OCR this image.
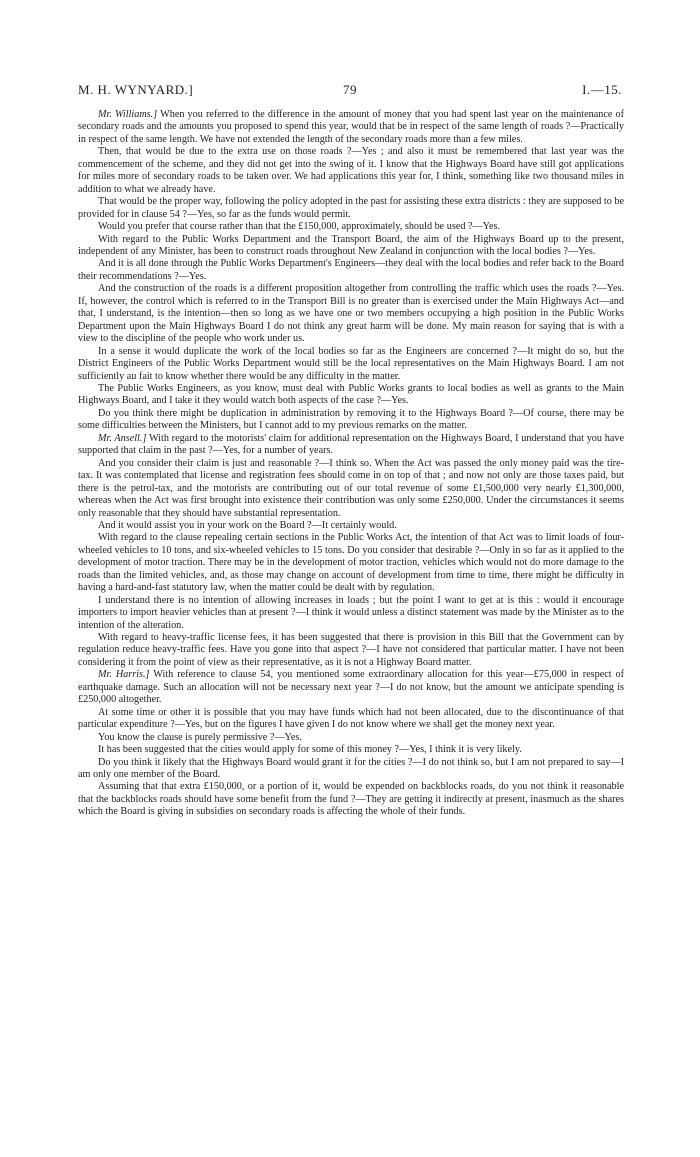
M. H. WYNYARD.]	79	I.—15.

Mr. Williams.] When you referred to the difference in the amount of money that you had spent last year on the maintenance of secondary roads and the amounts you proposed to spend this year, would that be in respect of the same length of roads ?—Practically in respect of the same length. We have not extended the length of the secondary roads more than a few miles.

Then, that would be due to the extra use on those roads ?—Yes ; and also it must be remembered that last year was the commencement of the scheme, and they did not get into the swing of it. I know that the Highways Board have still got applications for miles more of secondary roads to be taken over. We had applications this year for, I think, something like two thousand miles in addition to what we already have.

That would be the proper way, following the policy adopted in the past for assisting these extra districts : they are supposed to be provided for in clause 54 ?—Yes, so far as the funds would permit.

Would you prefer that course rather than that the £150,000, approximately, should be used ?—Yes.

With regard to the Public Works Department and the Transport Board, the aim of the Highways Board up to the present, independent of any Minister, has been to construct roads throughout New Zealand in conjunction with the local bodies ?—Yes.

And it is all done through the Public Works Department's Engineers—they deal with the local bodies and refer back to the Board their recommendations ?—Yes.

And the construction of the roads is a different proposition altogether from controlling the traffic which uses the roads ?—Yes. If, however, the control which is referred to in the Transport Bill is no greater than is exercised under the Main Highways Act—and that, I understand, is the intention—then so long as we have one or two members occupying a high position in the Public Works Department upon the Main Highways Board I do not think any great harm will be done. My main reason for saying that is with a view to the discipline of the people who work under us.

In a sense it would duplicate the work of the local bodies so far as the Engineers are concerned ?—It might do so, but the District Engineers of the Public Works Department would still be the local representatives on the Main Highways Board. I am not sufficiently au fait to know whether there would be any difficulty in the matter.

The Public Works Engineers, as you know, must deal with Public Works grants to local bodies as well as grants to the Main Highways Board, and I take it they would watch both aspects of the case ?—Yes.

Do you think there might be duplication in administration by removing it to the Highways Board ?—Of course, there may be some difficulties between the Ministers, but I cannot add to my previous remarks on the matter.

Mr. Ansell.] With regard to the motorists' claim for additional representation on the Highways Board, I understand that you have supported that claim in the past ?—Yes, for a number of years.

And you consider their claim is just and reasonable ?—I think so. When the Act was passed the only money paid was the tire-tax. It was contemplated that license and registration fees should come in on top of that ; and now not only are those taxes paid, but there is the petrol-tax, and the motorists are contributing out of our total revenue of some £1,500,000 very nearly £1,300,000, whereas when the Act was first brought into existence their contribution was only some £250,000. Under the circumstances it seems only reasonable that they should have substantial representation.

And it would assist you in your work on the Board ?—It certainly would.

With regard to the clause repealing certain sections in the Public Works Act, the intention of that Act was to limit loads of four-wheeled vehicles to 10 tons, and six-wheeled vehicles to 15 tons. Do you consider that desirable ?—Only in so far as it applied to the development of motor traction. There may be in the development of motor traction, vehicles which would not do more damage to the roads than the limited vehicles, and, as those may change on account of development from time to time, there might be difficulty in having a hard-and-fast statutory law, when the matter could be dealt with by regulation.

I understand there is no intention of allowing increases in loads ; but the point I want to get at is this : would it encourage importers to import heavier vehicles than at present ?—I think it would unless a distinct statement was made by the Minister as to the intention of the alteration.

With regard to heavy-traffic license fees, it has been suggested that there is provision in this Bill that the Government can by regulation reduce heavy-traffic fees. Have you gone into that aspect ?—I have not considered that particular matter. I have not been considering it from the point of view as their representative, as it is not a Highway Board matter.

Mr. Harris.] With reference to clause 54, you mentioned some extraordinary allocation for this year—£75,000 in respect of earthquake damage. Such an allocation will not be necessary next year ?—I do not know, but the amount we anticipate spending is £250,000 altogether.

At some time or other it is possible that you may have funds which had not been allocated, due to the discontinuance of that particular expenditure ?—Yes, but on the figures I have given I do not know where we shall get the money next year.

You know the clause is purely permissive ?—Yes.

It has been suggested that the cities would apply for some of this money ?—Yes, I think it is very likely.

Do you think it likely that the Highways Board would grant it for the cities ?—I do not think so, but I am not prepared to say—I am only one member of the Board.

Assuming that that extra £150,000, or a portion of it, would be expended on backblocks roads, do you not think it reasonable that the backblocks roads should have some benefit from the fund ?—They are getting it indirectly at present, inasmuch as the shares which the Board is giving in subsidies on secondary roads is affecting the whole of their funds.
